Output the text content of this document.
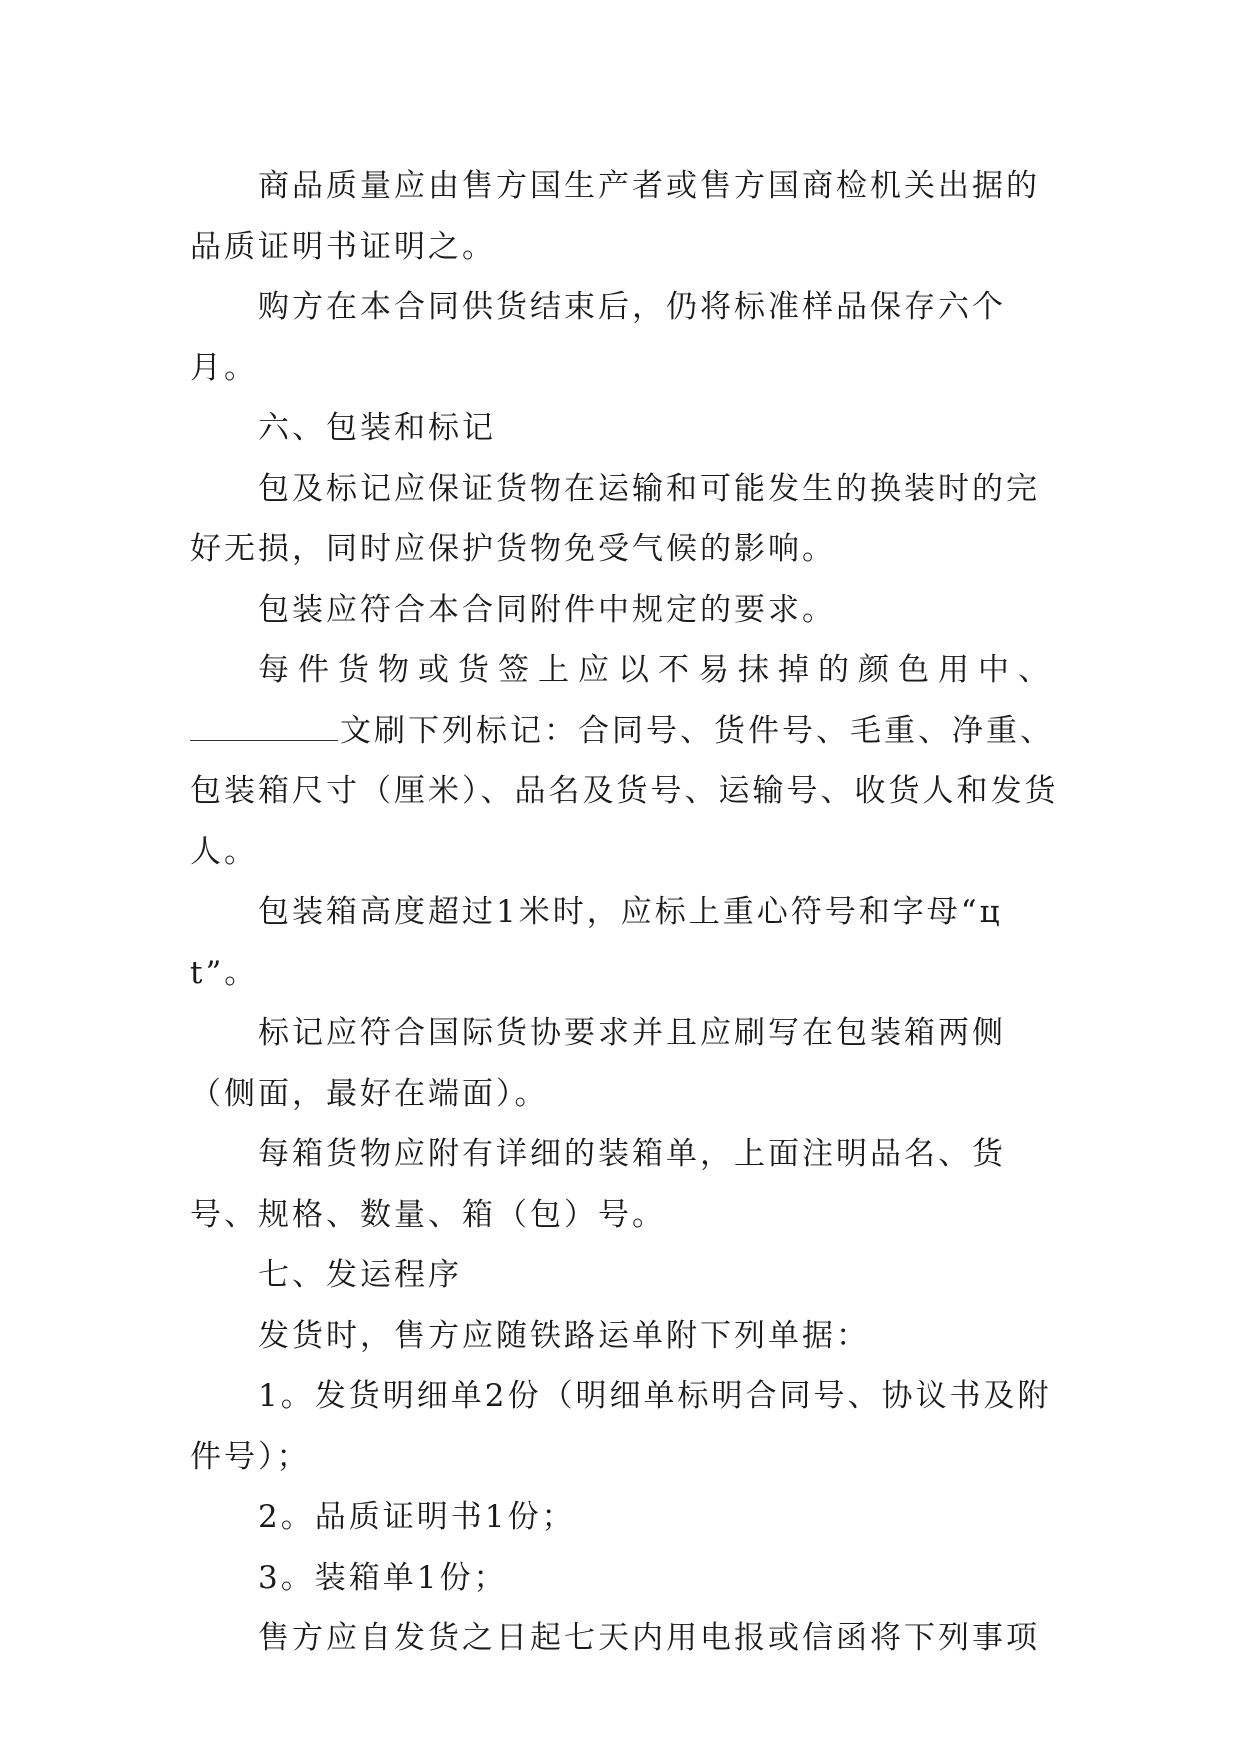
商品质量应由售方国生产者或售方国商检机关出据的品质证明书证明之。

购方在本合同供货结束后，仍将标准样品保存六个月。

六、包装和标记

包及标记应保证货物在运输和可能发生的换装时的完好无损，同时应保护货物免受气候的影响。

包装应符合本合同附件中规定的要求。

每件货物或货签上应以不易抹掉的颜色用中、

文刷下列标记：合同号、货件号、毛重、净重、包装箱尺寸（厘米）、品名及货号、运输号、收货人和发货人。

包装箱高度超过1米时，应标上重心符号和字母“ц t”。

标记应符合国际货协要求并且应刷写在包装箱两侧（侧面，最好在端面）。

每箱货物应附有详细的装箱单，上面注明品名、货号、规格、数量、箱（包）号。

七、发运程序

发货时，售方应随铁路运单附下列单据：

1。发货明细单2份（明细单标明合同号、协议书及附件号）；

2。品质证明书1份；

3。装箱单1份；

售方应自发货之日起七天内用电报或信函将下列事项
